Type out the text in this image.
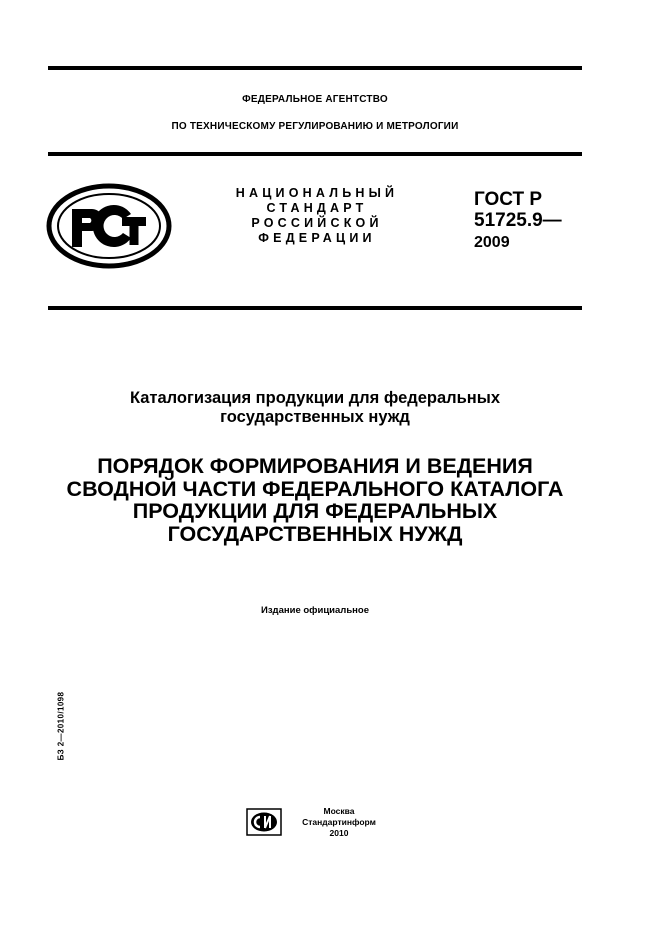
ФЕДЕРАЛЬНОЕ АГЕНТСТВО
ПО ТЕХНИЧЕСКОМУ РЕГУЛИРОВАНИЮ И МЕТРОЛОГИИ
НАЦИОНАЛЬНЫЙ
СТАНДАРТ
РОССИЙСКОЙ
ФЕДЕРАЦИИ
ГОСТ Р
51725.9—
2009
Каталогизация продукции для федеральных
государственных нужд
ПОРЯДОК ФОРМИРОВАНИЯ И ВЕДЕНИЯ
СВОДНОЙ ЧАСТИ ФЕДЕРАЛЬНОГО КАТАЛОГА
ПРОДУКЦИИ ДЛЯ ФЕДЕРАЛЬНЫХ
ГОСУДАРСТВЕННЫХ НУЖД
Издание официальное
БЗ 2—2010/1098
Москва
Стандартинформ
2010
